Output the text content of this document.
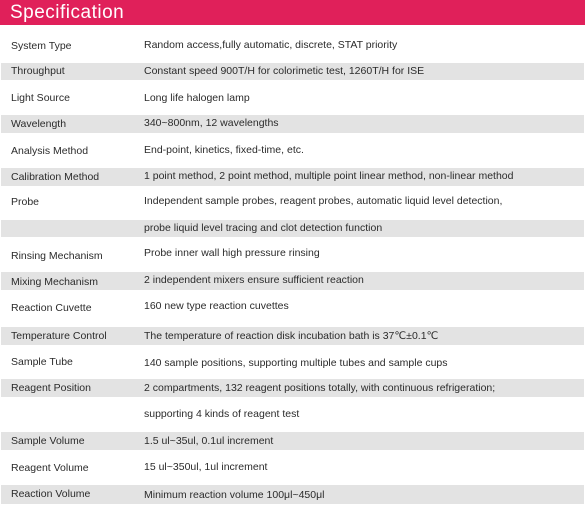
Specification
System Type	Random access,fully automatic, discrete, STAT priority
Throughput	Constant speed 900T/H for colorimetic test, 1260T/H for ISE
Light Source	Long life halogen lamp
Wavelength	340~800nm, 12 wavelengths
Analysis Method	End-point, kinetics, fixed-time, etc.
Calibration Method	1 point method, 2 point method, multiple point linear method, non-linear method
Probe	Independent sample probes, reagent probes, automatic liquid level detection,
probe liquid level tracing and clot detection function
Rinsing Mechanism	Probe inner wall high pressure rinsing
Mixing Mechanism	2 independent mixers ensure sufficient reaction
Reaction Cuvette	160 new type reaction cuvettes
Temperature Control	The temperature of reaction disk incubation bath is 37℃±0.1℃
Sample Tube	140 sample positions, supporting multiple tubes and sample cups
Reagent Position	2 compartments, 132 reagent positions totally, with continuous refrigeration;
supporting 4 kinds of reagent test
Sample Volume	1.5 ul~35ul, 0.1ul increment
Reagent Volume	15 ul~350ul, 1ul increment
Reaction Volume	Minimum reaction volume 100μl~450μl
